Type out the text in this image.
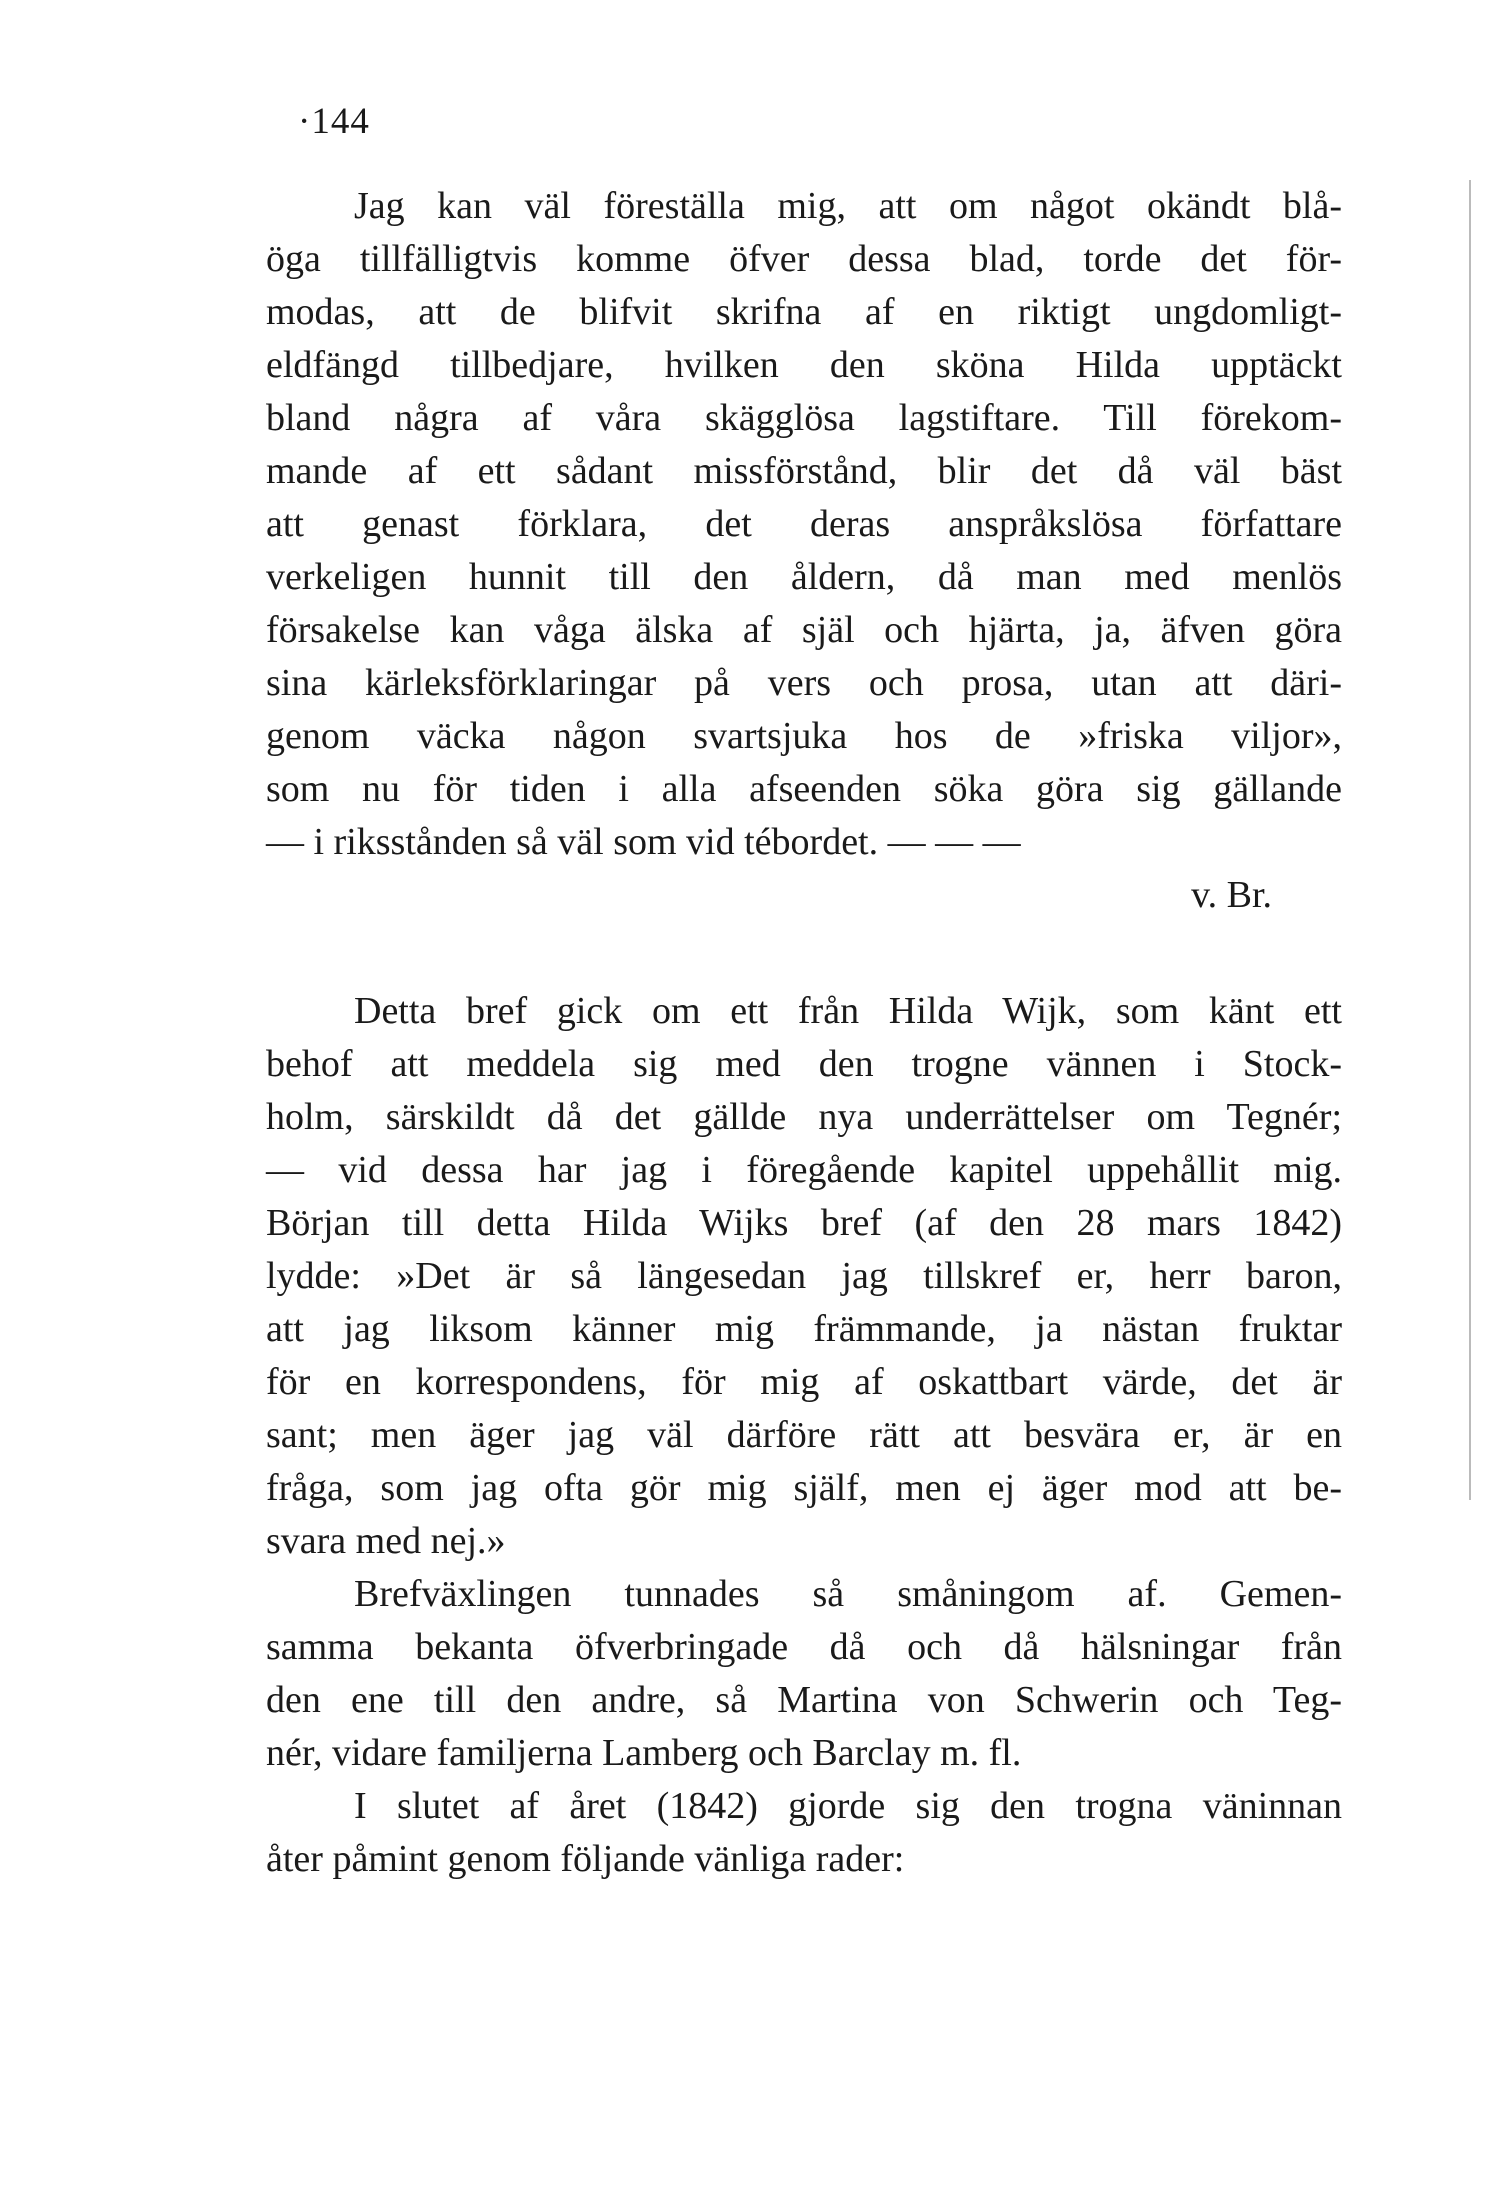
·144
Jag kan väl föreställa mig, att om något okändt blå-
öga tillfälligtvis komme öfver dessa blad, torde det för-
modas, att de blifvit skrifna af en riktigt ungdomligt-
eldfängd tillbedjare, hvilken den sköna Hilda upptäckt
bland några af våra skägglösa lagstiftare. Till förekom-
mande af ett sådant missförstånd, blir det då väl bäst
att genast förklara, det deras anspråkslösa författare
verkeligen hunnit till den åldern, då man med menlös
försakelse kan våga älska af själ och hjärta, ja, äfven göra
sina kärleksförklaringar på vers och prosa, utan att däri-
genom väcka någon svartsjuka hos de »friska viljor»,
som nu för tiden i alla afseenden söka göra sig gällande
— i riksstånden så väl som vid tébordet. — — —
v. Br.
Detta bref gick om ett från Hilda Wijk, som känt ett
behof att meddela sig med den trogne vännen i Stock-
holm, särskildt då det gällde nya underrättelser om Tegnér;
— vid dessa har jag i föregående kapitel uppehållit mig.
Början till detta Hilda Wijks bref (af den 28 mars 1842)
lydde: »Det är så längesedan jag tillskref er, herr baron,
att jag liksom känner mig främmande, ja nästan fruktar
för en korrespondens, för mig af oskattbart värde, det är
sant; men äger jag väl därföre rätt att besvära er, är en
fråga, som jag ofta gör mig själf, men ej äger mod att be-
svara med nej.»
Brefväxlingen tunnades så småningom af. Gemen-
samma bekanta öfverbringade då och då hälsningar från
den ene till den andre, så Martina von Schwerin och Teg-
nér, vidare familjerna Lamberg och Barclay m. fl.
I slutet af året (1842) gjorde sig den trogna väninnan
åter påmint genom följande vänliga rader:
